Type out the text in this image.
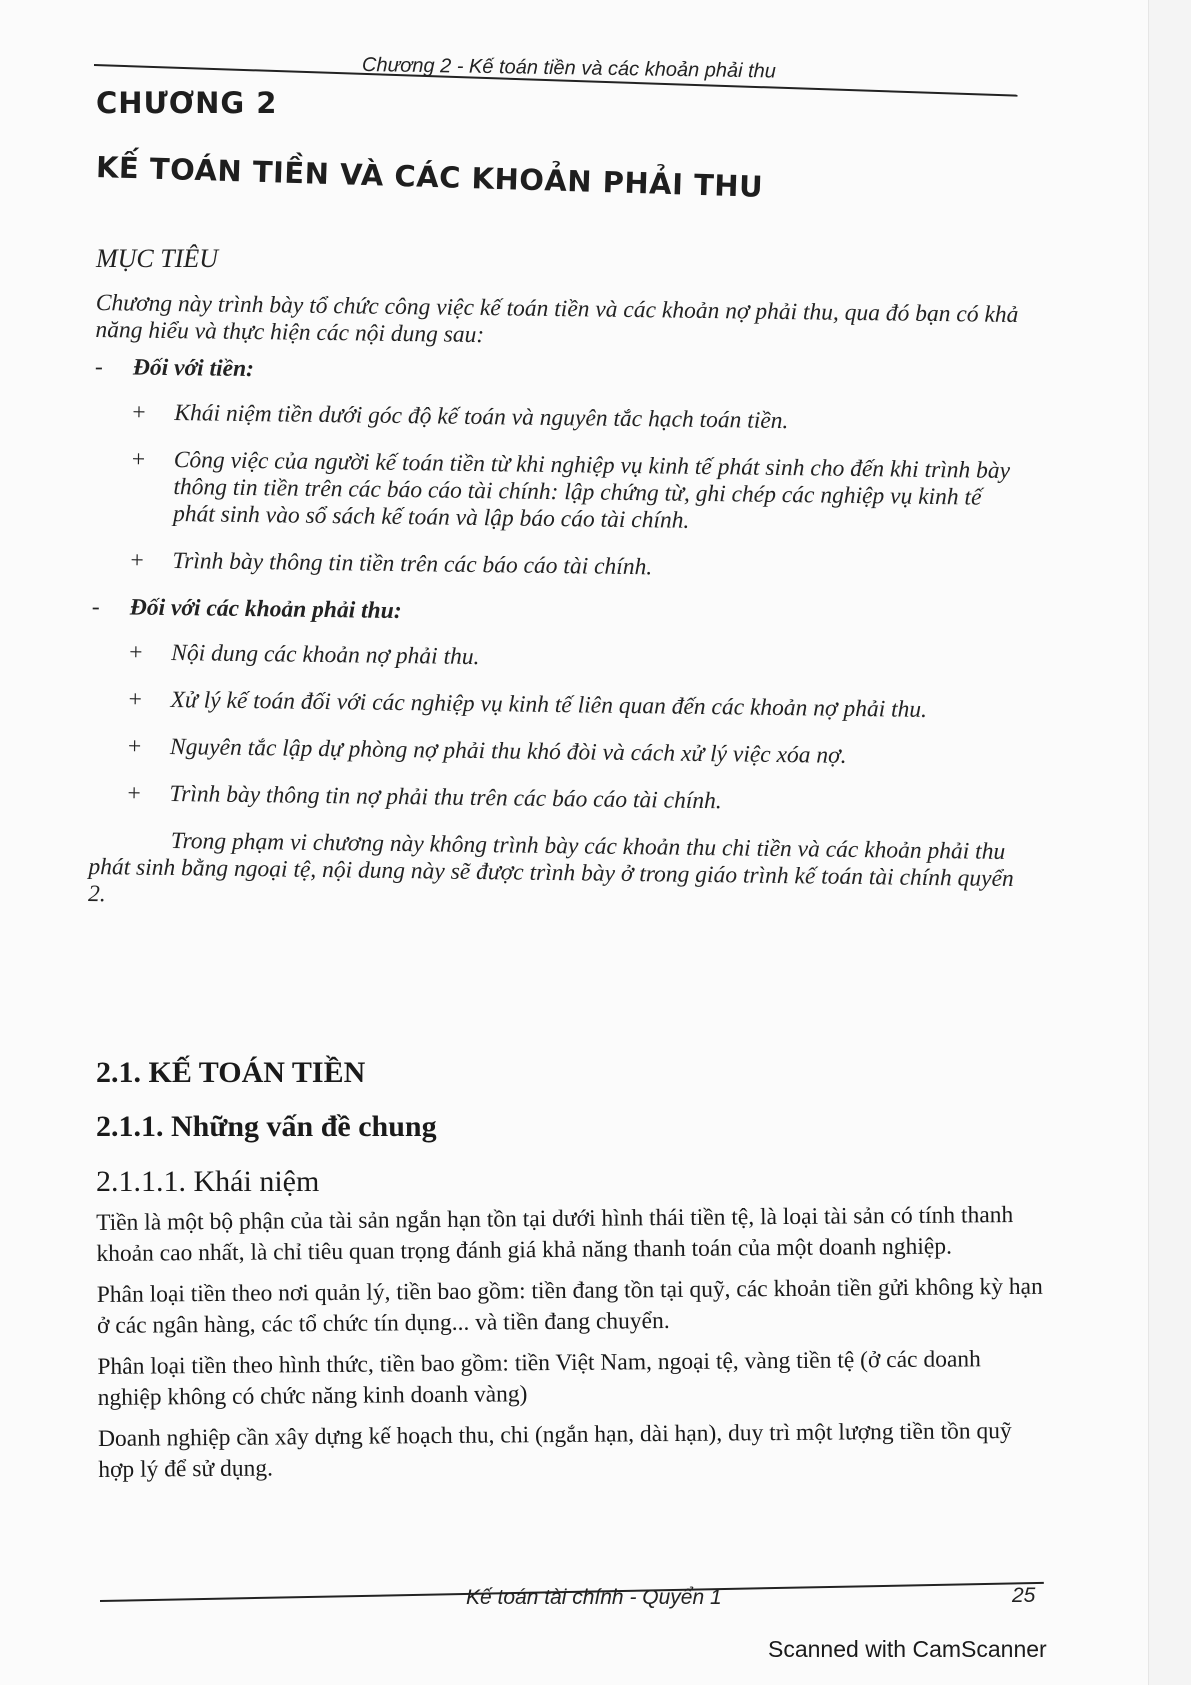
Chương 2 - Kế toán tiền và các khoản phải thu
CHƯƠNG 2
KẾ TOÁN TIỀN VÀ CÁC KHOẢN PHẢI THU
MỤC TIÊU

Chương này trình bày tổ chức công việc kế toán tiền và các khoản nợ phải thu, qua đó bạn có khả năng hiểu và thực hiện các nội dung sau:

- Đối với tiền:
+ Khái niệm tiền dưới góc độ kế toán và nguyên tắc hạch toán tiền.
+ Công việc của người kế toán tiền từ khi nghiệp vụ kinh tế phát sinh cho đến khi trình bày thông tin tiền trên các báo cáo tài chính: lập chứng từ, ghi chép các nghiệp vụ kinh tế phát sinh vào sổ sách kế toán và lập báo cáo tài chính.
+ Trình bày thông tin tiền trên các báo cáo tài chính.
- Đối với các khoản phải thu:
+ Nội dung các khoản nợ phải thu.
+ Xử lý kế toán đối với các nghiệp vụ kinh tế liên quan đến các khoản nợ phải thu.
+ Nguyên tắc lập dự phòng nợ phải thu khó đòi và cách xử lý việc xóa nợ.
+ Trình bày thông tin nợ phải thu trên các báo cáo tài chính.

Trong phạm vi chương này không trình bày các khoản thu chi tiền và các khoản phải thu phát sinh bằng ngoại tệ, nội dung này sẽ được trình bày ở trong giáo trình kế toán tài chính quyển 2.

2.1. KẾ TOÁN TIỀN
2.1.1. Những vấn đề chung
2.1.1.1. Khái niệm

Tiền là một bộ phận của tài sản ngắn hạn tồn tại dưới hình thái tiền tệ, là loại tài sản có tính thanh khoản cao nhất, là chỉ tiêu quan trọng đánh giá khả năng thanh toán của một doanh nghiệp.

Phân loại tiền theo nơi quản lý, tiền bao gồm: tiền đang tồn tại quỹ, các khoản tiền gửi không kỳ hạn ở các ngân hàng, các tổ chức tín dụng... và tiền đang chuyển.

Phân loại tiền theo hình thức, tiền bao gồm: tiền Việt Nam, ngoại tệ, vàng tiền tệ (ở các doanh nghiệp không có chức năng kinh doanh vàng)

Doanh nghiệp cần xây dựng kế hoạch thu, chi (ngắn hạn, dài hạn), duy trì một lượng tiền tồn quỹ hợp lý để sử dụng.

Kế toán tài chính - Quyển 1	25
Scanned with CamScanner
